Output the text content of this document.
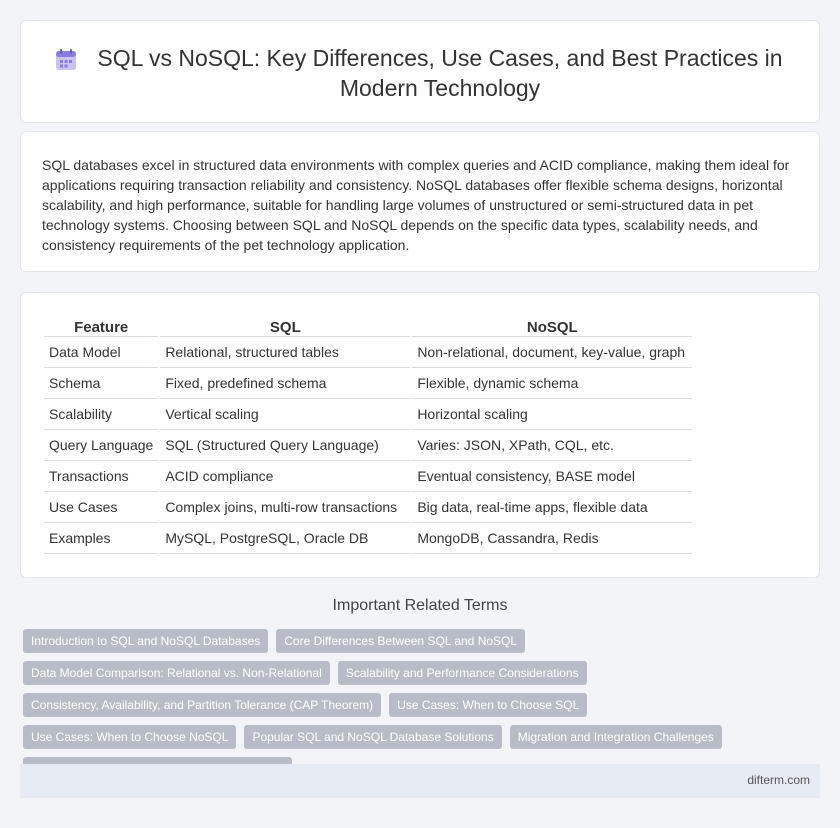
SQL vs NoSQL: Key Differences, Use Cases, and Best Practices in Modern Technology

SQL databases excel in structured data environments with complex queries and ACID compliance, making them ideal for applications requiring transaction reliability and consistency. NoSQL databases offer flexible schema designs, horizontal scalability, and high performance, suitable for handling large volumes of unstructured or semi-structured data in pet technology systems. Choosing between SQL and NoSQL depends on the specific data types, scalability needs, and consistency requirements of the pet technology application.

Feature	SQL	NoSQL
Data Model	Relational, structured tables	Non-relational, document, key-value, graph
Schema	Fixed, predefined schema	Flexible, dynamic schema
Scalability	Vertical scaling	Horizontal scaling
Query Language	SQL (Structured Query Language)	Varies: JSON, XPath, CQL, etc.
Transactions	ACID compliance	Eventual consistency, BASE model
Use Cases	Complex joins, multi-row transactions	Big data, real-time apps, flexible data
Examples	MySQL, PostgreSQL, Oracle DB	MongoDB, Cassandra, Redis
Important Related Terms
Introduction to SQL and NoSQL Databases	Core Differences Between SQL and NoSQL
Data Model Comparison: Relational vs. Non-Relational	Scalability and Performance Considerations
Consistency, Availability, and Partition Tolerance (CAP Theorem)	Use Cases: When to Choose SQL
Use Cases: When to Choose NoSQL	Popular SQL and NoSQL Database Solutions	Migration and Integration Challenges
difterm.com
